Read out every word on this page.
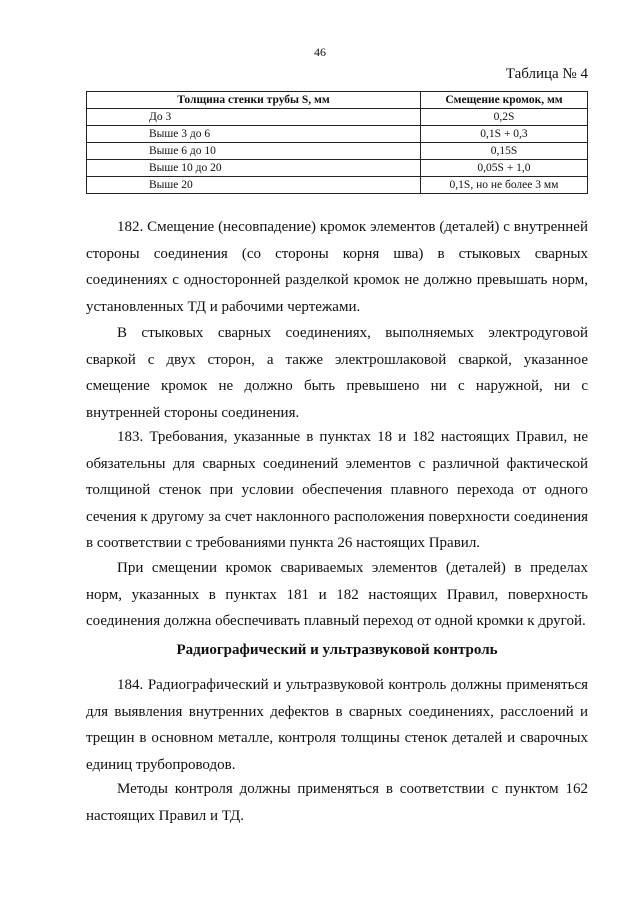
46
Таблица № 4
Толщина стенки трубы S, мм	Смещение кромок, мм
До 3	0,2S
Выше 3 до 6	0,1S + 0,3
Выше 6 до 10	0,15S
Выше 10 до 20	0,05S + 1,0
Выше 20	0,1S, но не более 3 мм

182. Смещение (несовпадение) кромок элементов (деталей) с внутренней стороны соединения (со стороны корня шва) в стыковых сварных соединениях с односторонней разделкой кромок не должно превышать норм, установленных ТД и рабочими чертежами.

В стыковых сварных соединениях, выполняемых электродуговой сваркой с двух сторон, а также электрошлаковой сваркой, указанное смещение кромок не должно быть превышено ни с наружной, ни с внутренней стороны соединения.

183. Требования, указанные в пунктах 18 и 182 настоящих Правил, не обязательны для сварных соединений элементов с различной фактической толщиной стенок при условии обеспечения плавного перехода от одного сечения к другому за счет наклонного расположения поверхности соединения в соответствии с требованиями пункта 26 настоящих Правил.

При смещении кромок свариваемых элементов (деталей) в пределах норм, указанных в пунктах 181 и 182 настоящих Правил, поверхность соединения должна обеспечивать плавный переход от одной кромки к другой.

Радиографический и ультразвуковой контроль

184. Радиографический и ультразвуковой контроль должны применяться для выявления внутренних дефектов в сварных соединениях, расслоений и трещин в основном металле, контроля толщины стенок деталей и сварочных единиц трубопроводов.

Методы контроля должны применяться в соответствии с пунктом 162 настоящих Правил и ТД.
